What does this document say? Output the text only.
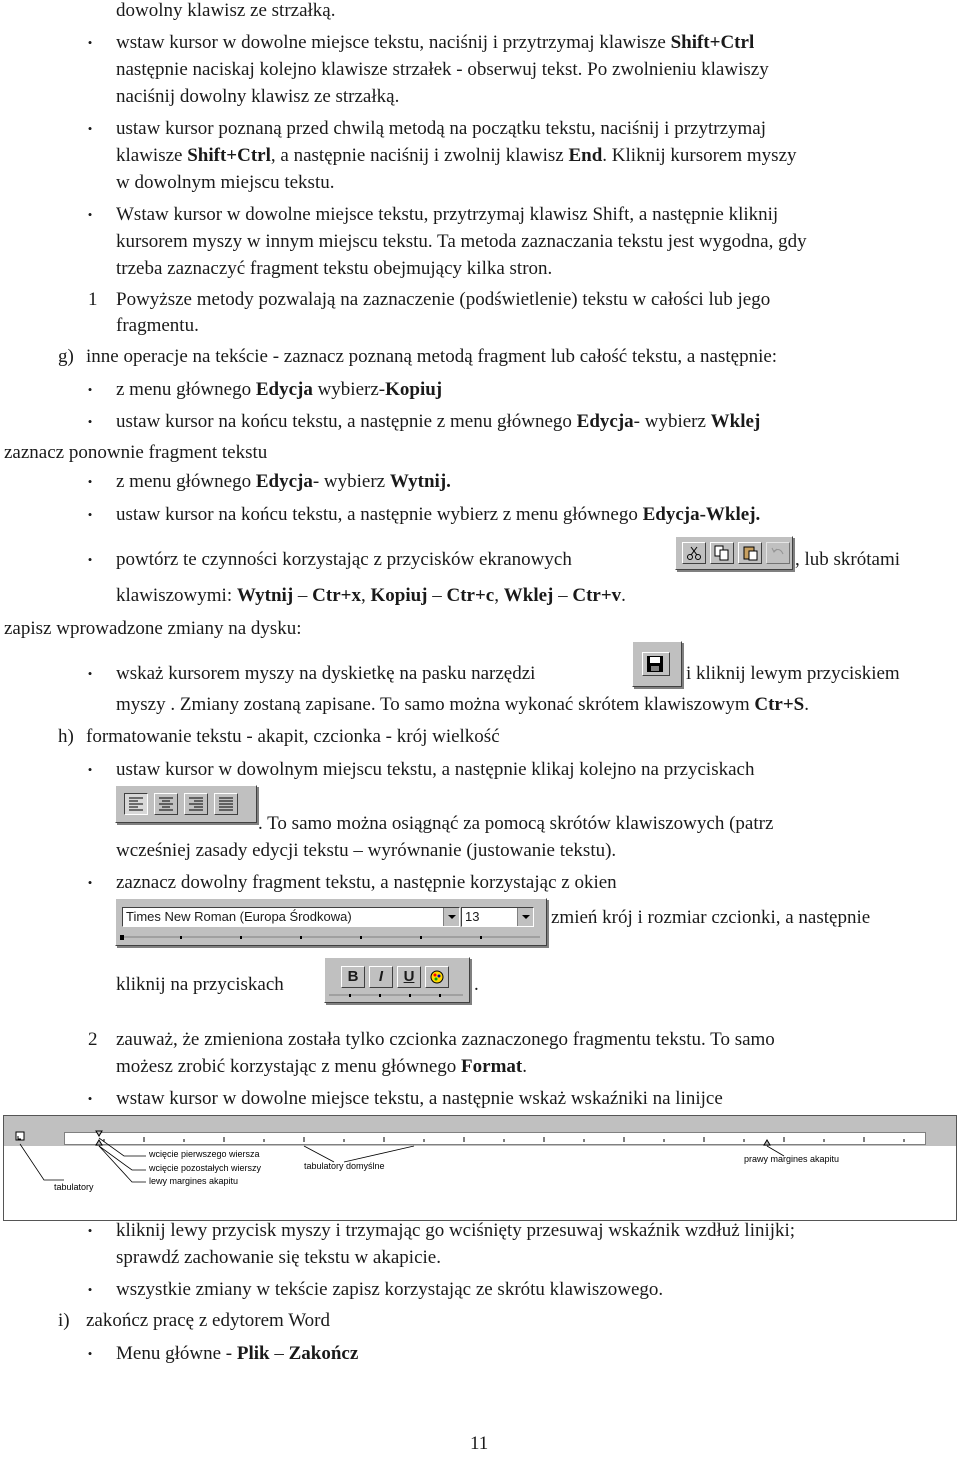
dowolny klawisz ze strzałką.
• wstaw kursor w dowolne miejsce tekstu, naciśnij i przytrzymaj klawisze Shift+Ctrl
następnie naciskaj kolejno klawisze strzałek - obserwuj tekst. Po zwolnieniu klawiszy
naciśnij dowolny klawisz ze strzałką.
• ustaw kursor poznaną przed chwilą metodą na początku tekstu, naciśnij i przytrzymaj
klawisze Shift+Ctrl, a następnie naciśnij i zwolnij klawisz End. Kliknij kursorem myszy
w dowolnym miejscu tekstu.
• Wstaw kursor w dowolne miejsce tekstu, przytrzymaj klawisz Shift, a następnie kliknij
kursorem myszy w innym miejscu tekstu. Ta metoda zaznaczania tekstu jest wygodna, gdy
trzeba zaznaczyć fragment tekstu obejmujący kilka stron.
1 Powyższe metody pozwalają na zaznaczenie (podświetlenie) tekstu w całości lub jego
fragmentu.
g) inne operacje na tekście - zaznacz poznaną metodą fragment lub całość tekstu, a następnie:
• z menu głównego Edycja wybierz-Kopiuj
• ustaw kursor na końcu tekstu, a następnie z menu głównego Edycja- wybierz Wklej
zaznacz ponownie fragment tekstu
• z menu głównego Edycja- wybierz Wytnij.
• ustaw kursor na końcu tekstu, a następnie wybierz z menu głównego Edycja-Wklej.
• powtórz te czynności korzystając z przycisków ekranowych	, lub skrótami
klawiszowymi: Wytnij – Ctr+x, Kopiuj – Ctr+c, Wklej – Ctr+v.
zapisz wprowadzone zmiany na dysku:
• wskaż kursorem myszy na dyskietkę na pasku narzędzi	i kliknij lewym przyciskiem
myszy . Zmiany zostaną zapisane. To samo można wykonać skrótem klawiszowym Ctr+S.
h) formatowanie tekstu - akapit, czcionka - krój wielkość
• ustaw kursor w dowolnym miejscu tekstu, a następnie klikaj kolejno na przyciskach
. To samo można osiągnąć za pomocą skrótów klawiszowych (patrz
wcześniej zasady edycji tekstu – wyrównanie (justowanie tekstu).
• zaznacz dowolny fragment tekstu, a następnie korzystając z okien
Times New Roman (Europa Środkowa)	13	zmień krój i rozmiar czcionki, a następnie
kliknij na przyciskach	B	I	U	.
2 zauważ, że zmieniona została tylko czcionka zaznaczonego fragmentu tekstu. To samo
możesz zrobić korzystając z menu głównego Format.
• wstaw kursor w dowolne miejsce tekstu, a następnie wskaż wskaźniki na linijce
wcięcie pierwszego wiersza
wcięcie pozostałych wierszy
lewy margines akapitu
tabulatory domyślne
prawy margines akapitu
tabulatory
• kliknij lewy przycisk myszy i trzymając go wciśnięty przesuwaj wskaźnik wzdłuż linijki;
sprawdź zachowanie się tekstu w akapicie.
• wszystkie zmiany w tekście zapisz korzystając ze skrótu klawiszowego.
i) zakończ pracę z edytorem Word
• Menu główne - Plik – Zakończ
11
